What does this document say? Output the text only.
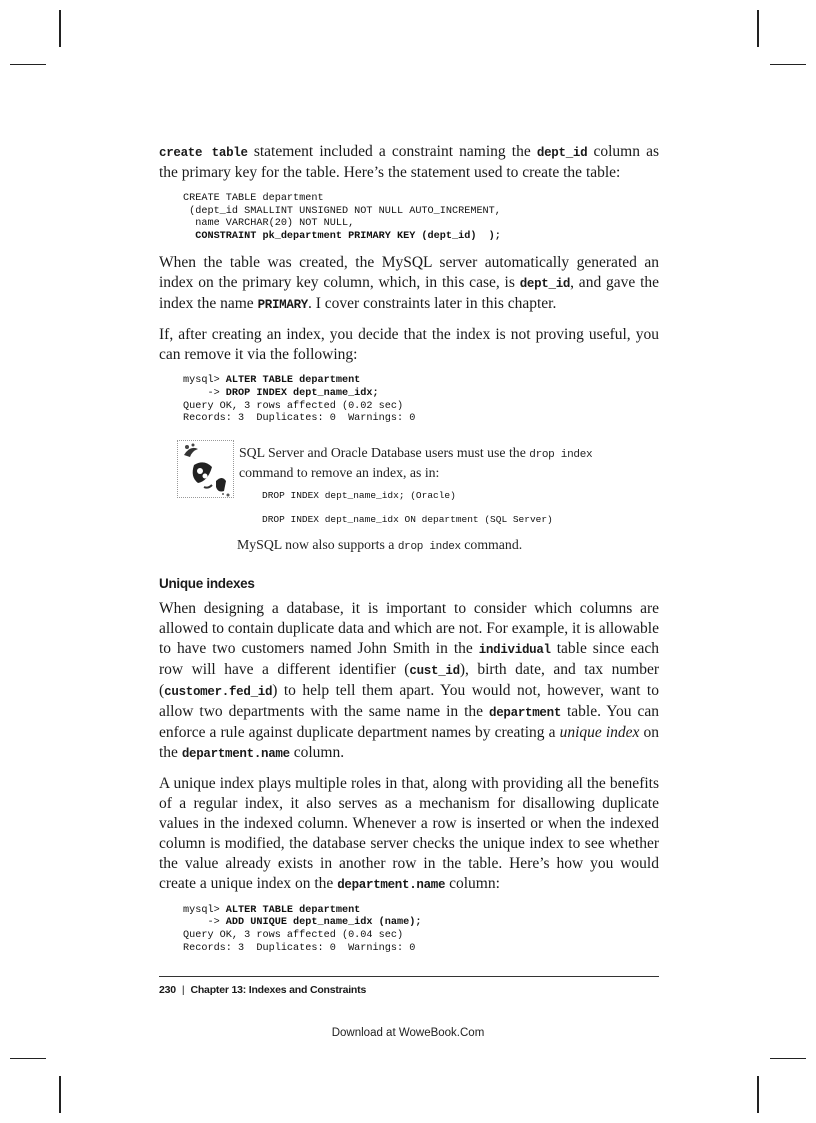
create table statement included a constraint naming the dept_id column as the primary key for the table. Here’s the statement used to create the table:

CREATE TABLE department
(dept_id SMALLINT UNSIGNED NOT NULL AUTO_INCREMENT,
name VARCHAR(20) NOT NULL,
CONSTRAINT pk_department PRIMARY KEY (dept_id)  );

When the table was created, the MySQL server automatically generated an index on the primary key column, which, in this case, is dept_id, and gave the index the name PRIMARY. I cover constraints later in this chapter.

If, after creating an index, you decide that the index is not proving useful, you can remove it via the following:

mysql> ALTER TABLE department
-> DROP INDEX dept_name_idx;
Query OK, 3 rows affected (0.02 sec)
Records: 3  Duplicates: 0  Warnings: 0
SQL Server and Oracle Database users must use the drop index command to remove an index, as in:
DROP INDEX dept_name_idx; (Oracle)
DROP INDEX dept_name_idx ON department (SQL Server)
MySQL now also supports a drop index command.
Unique indexes

When designing a database, it is important to consider which columns are allowed to contain duplicate data and which are not. For example, it is allowable to have two customers named John Smith in the individual table since each row will have a different identifier (cust_id), birth date, and tax number (customer.fed_id) to help tell them apart. You would not, however, want to allow two departments with the same name in the department table. You can enforce a rule against duplicate department names by creating a unique index on the department.name column.

A unique index plays multiple roles in that, along with providing all the benefits of a regular index, it also serves as a mechanism for disallowing duplicate values in the indexed column. Whenever a row is inserted or when the indexed column is modified, the database server checks the unique index to see whether the value already exists in another row in the table. Here’s how you would create a unique index on the department.name column:

mysql> ALTER TABLE department
-> ADD UNIQUE dept_name_idx (name);
Query OK, 3 rows affected (0.04 sec)
Records: 3  Duplicates: 0  Warnings: 0
230 | Chapter 13: Indexes and Constraints
Download at WoweBook.Com
